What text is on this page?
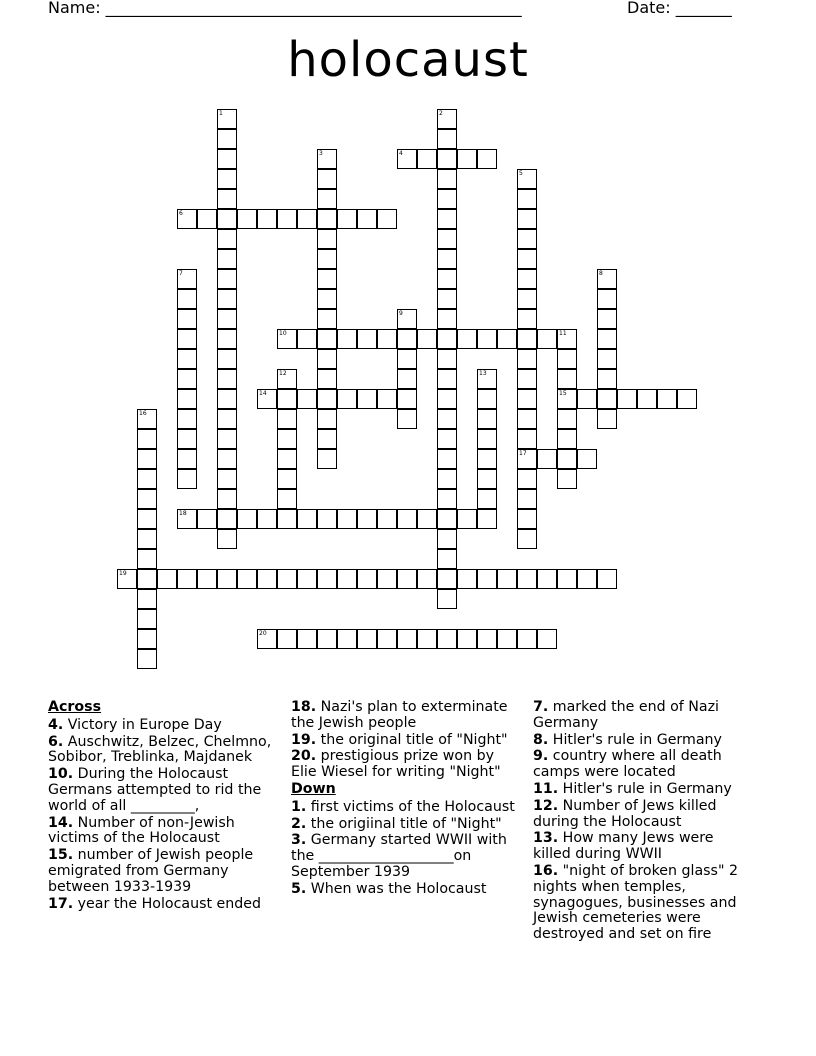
Name: ____________________________________________________	Date: _______
holocaust
1	2
3	4
5
17
6
7	8
9
10	11
15
12	13
14
16
18
19
20
Across
4. Victory in Europe Day
6. Auschwitz, Belzec, Chelmno, Sobibor, Treblinka, Majdanek
10. During the Holocaust Germans attempted to rid the world of all _________,
14. Number of non-Jewish victims of the Holocaust
15. number of Jewish people emigrated from Germany between 1933-1939
17. year the Holocaust ended
18. Nazi's plan to exterminate the Jewish people
19. the original title of "Night"
20. prestigious prize won by Elie Wiesel for writing "Night"
Down
1. first victims of the Holocaust
2. the origiinal title of "Night"
3. Germany started WWII with the ___________________on September 1939
5. When was the Holocaust
7. marked the end of Nazi Germany
8. Hitler's rule in Germany
9. country where all death camps were located
11. Hitler's rule in Germany
12. Number of Jews killed during the Holocaust
13. How many Jews were killed during WWII
16. "night of broken glass" 2 nights when temples, synagogues, businesses and Jewish cemeteries were destroyed and set on fire
